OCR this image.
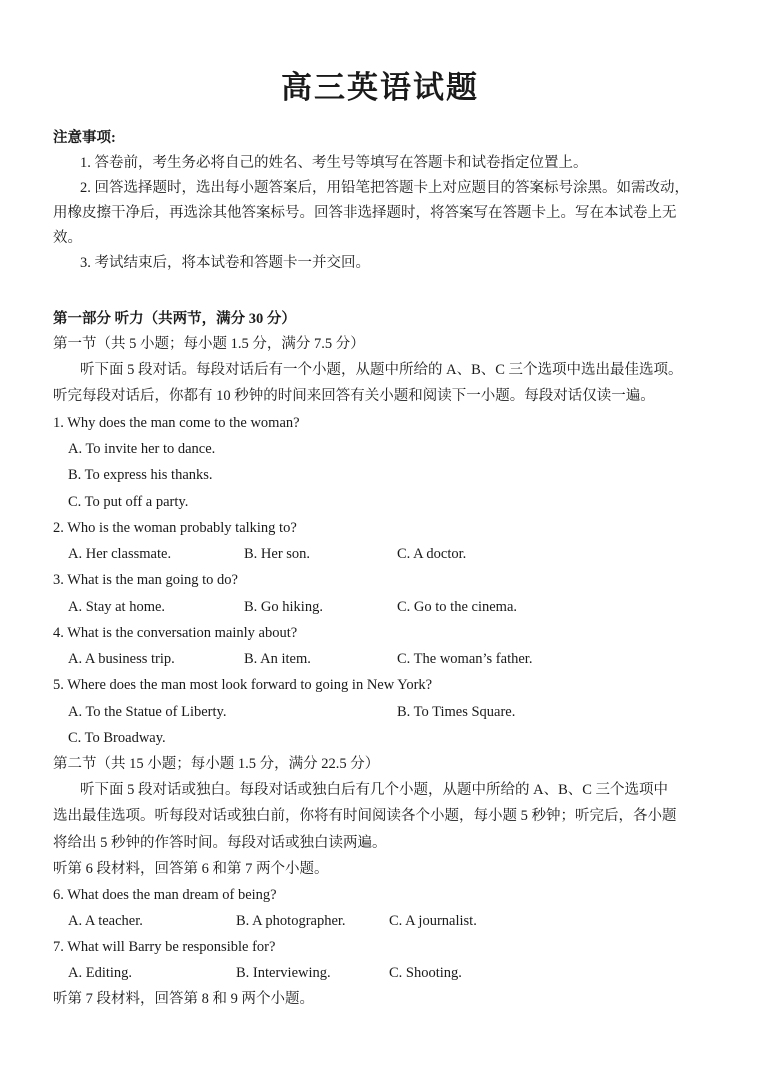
高三英语试题
注意事项:
1. 答卷前，考生务必将自己的姓名、考生号等填写在答题卡和试卷指定位置上。
2. 回答选择题时，选出每小题答案后，用铅笔把答题卡上对应题目的答案标号涂黑。如需改动，
用橡皮擦干净后，再选涂其他答案标号。回答非选择题时，将答案写在答题卡上。写在本试卷上无
效。
3. 考试结束后，将本试卷和答题卡一并交回。
第一部分 听力（共两节，满分 30 分）
第一节（共 5 小题；每小题 1.5 分，满分 7.5 分）
听下面 5 段对话。每段对话后有一个小题，从题中所给的 A、B、C 三个选项中选出最佳选项。
听完每段对话后，你都有 10 秒钟的时间来回答有关小题和阅读下一小题。每段对话仅读一遍。
1. Why does the man come to the woman?
A. To invite her to dance.
B. To express his thanks.
C. To put off a party.
2. Who is the woman probably talking to?
A. Her classmate.	B. Her son.	C. A doctor.
3. What is the man going to do?
A. Stay at home.	B. Go hiking.	C. Go to the cinema.
4. What is the conversation mainly about?
A. A business trip.	B. An item.	C. The woman’s father.
5. Where does the man most look forward to going in New York?
A. To the Statue of Liberty.	B. To Times Square.
C. To Broadway.
第二节（共 15 小题；每小题 1.5 分，满分 22.5 分）
听下面 5 段对话或独白。每段对话或独白后有几个小题，从题中所给的 A、B、C 三个选项中
选出最佳选项。听每段对话或独白前，你将有时间阅读各个小题，每小题 5 秒钟；听完后，各小题
将给出 5 秒钟的作答时间。每段对话或独白读两遍。
听第 6 段材料，回答第 6 和第 7 两个小题。
6. What does the man dream of being?
A. A teacher.	B. A photographer.	C. A journalist.
7. What will Barry be responsible for?
A. Editing.	B. Interviewing.	C. Shooting.
听第 7 段材料，回答第 8 和 9 两个小题。
